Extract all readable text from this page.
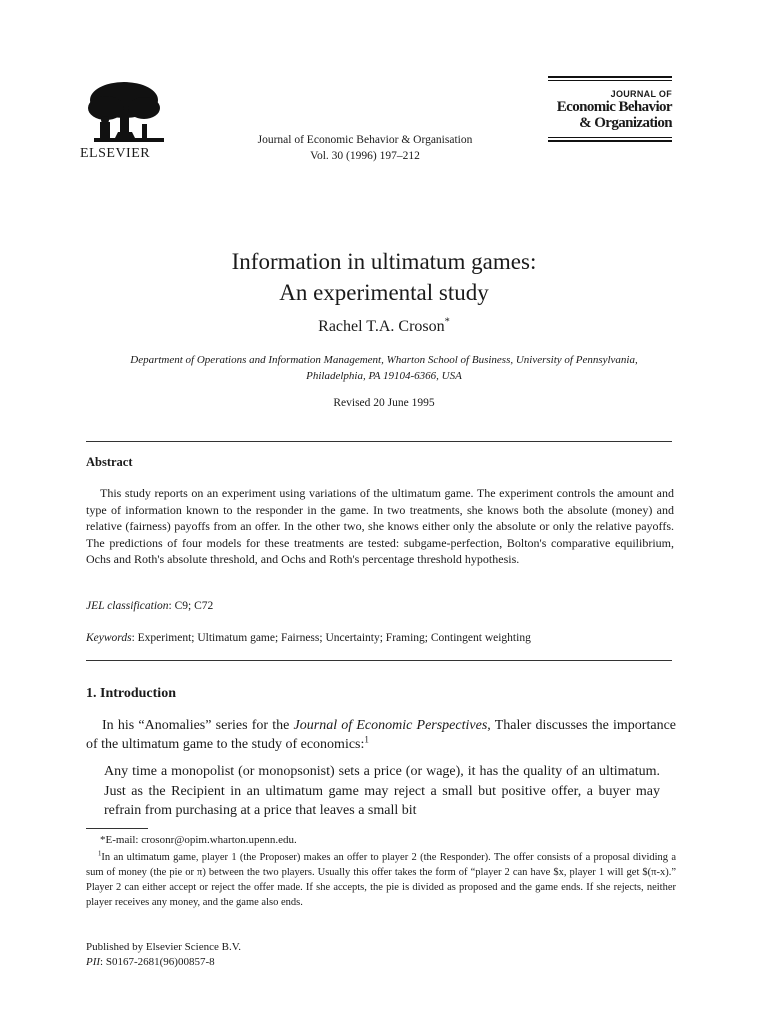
ELSEVIER
Journal of Economic Behavior & Organisation
Vol. 30 (1996) 197–212
JOURNAL OF
Economic Behavior
& Organization
Information in ultimatum games:
An experimental study
Rachel T.A. Croson*
Department of Operations and Information Management, Wharton School of Business, University of Pennsylvania, Philadelphia, PA 19104-6366, USA
Revised 20 June 1995
Abstract
This study reports on an experiment using variations of the ultimatum game. The experiment controls the amount and type of information known to the responder in the game. In two treatments, she knows both the absolute (money) and relative (fairness) payoffs from an offer. In the other two, she knows either only the absolute or only the relative payoffs. The predictions of four models for these treatments are tested: subgame-perfection, Bolton's comparative equilibrium, Ochs and Roth's absolute threshold, and Ochs and Roth's percentage threshold hypothesis.
JEL classification: C9; C72
Keywords: Experiment; Ultimatum game; Fairness; Uncertainty; Framing; Contingent weighting
1. Introduction
In his “Anomalies” series for the Journal of Economic Perspectives, Thaler discusses the importance of the ultimatum game to the study of economics:$^1$
Any time a monopolist (or monopsonist) sets a price (or wage), it has the quality of an ultimatum. Just as the Recipient in an ultimatum game may reject a small but positive offer, a buyer may refrain from purchasing at a price that leaves a small bit
*E-mail: crosonr@opim.wharton.upenn.edu.
$^1$In an ultimatum game, player 1 (the Proposer) makes an offer to player 2 (the Responder). The offer consists of a proposal dividing a sum of money (the pie or π) between the two players. Usually this offer takes the form of “player 2 can have $x, player 1 will get $(π-x).” Player 2 can either accept or reject the offer made. If she accepts, the pie is divided as proposed and the game ends. If she rejects, neither player receives any money, and the game also ends.
Published by Elsevier Science B.V.
PII: S0167-2681(96)00857-8
